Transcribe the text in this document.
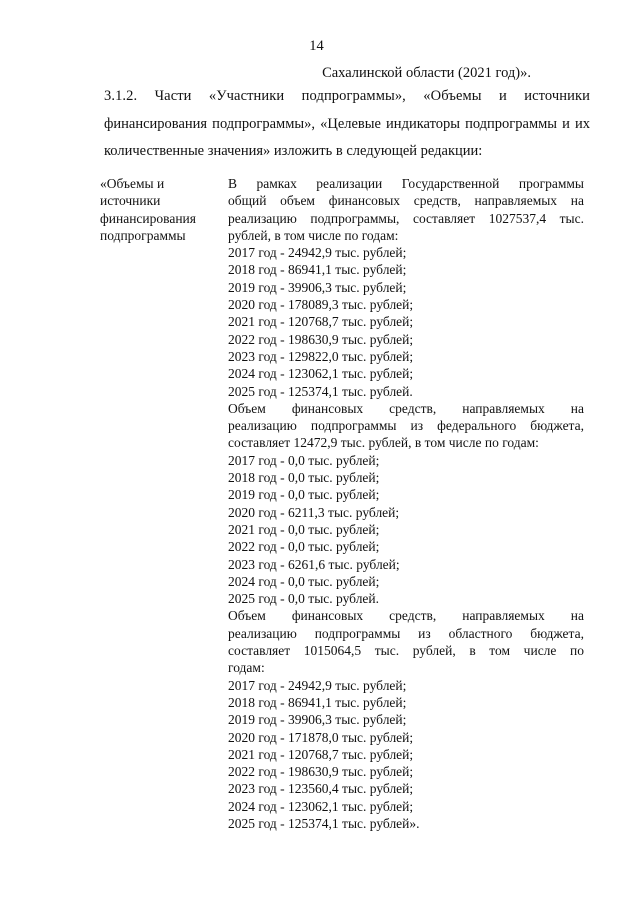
14
Сахалинской области (2021 год)».
3.1.2. Части «Участники подпрограммы», «Объемы и источники
финансирования подпрограммы», «Целевые индикаторы подпрограммы и их
количественные значения» изложить в следующей редакции:
«Объемы и
источники
финансирования
подпрограммы
В рамках реализации Государственной программы
общий объем финансовых средств, направляемых на
реализацию подпрограммы, составляет 1027537,4 тыс.
рублей, в том числе по годам:
2017 год - 24942,9 тыс. рублей;
2018 год - 86941,1 тыс. рублей;
2019 год - 39906,3 тыс. рублей;
2020 год - 178089,3 тыс. рублей;
2021 год - 120768,7 тыс. рублей;
2022 год - 198630,9 тыс. рублей;
2023 год - 129822,0 тыс. рублей;
2024 год - 123062,1 тыс. рублей;
2025 год - 125374,1 тыс. рублей.
Объем финансовых средств, направляемых на
реализацию подпрограммы из федерального бюджета,
составляет 12472,9 тыс. рублей, в том числе по годам:
2017 год - 0,0 тыс. рублей;
2018 год - 0,0 тыс. рублей;
2019 год - 0,0 тыс. рублей;
2020 год - 6211,3 тыс. рублей;
2021 год - 0,0 тыс. рублей;
2022 год - 0,0 тыс. рублей;
2023 год - 6261,6 тыс. рублей;
2024 год - 0,0 тыс. рублей;
2025 год - 0,0 тыс. рублей.
Объем финансовых средств, направляемых на
реализацию подпрограммы из областного бюджета,
составляет 1015064,5 тыс. рублей, в том числе по
годам:
2017 год - 24942,9 тыс. рублей;
2018 год - 86941,1 тыс. рублей;
2019 год - 39906,3 тыс. рублей;
2020 год - 171878,0 тыс. рублей;
2021 год - 120768,7 тыс. рублей;
2022 год - 198630,9 тыс. рублей;
2023 год - 123560,4 тыс. рублей;
2024 год - 123062,1 тыс. рублей;
2025 год - 125374,1 тыс. рублей».
